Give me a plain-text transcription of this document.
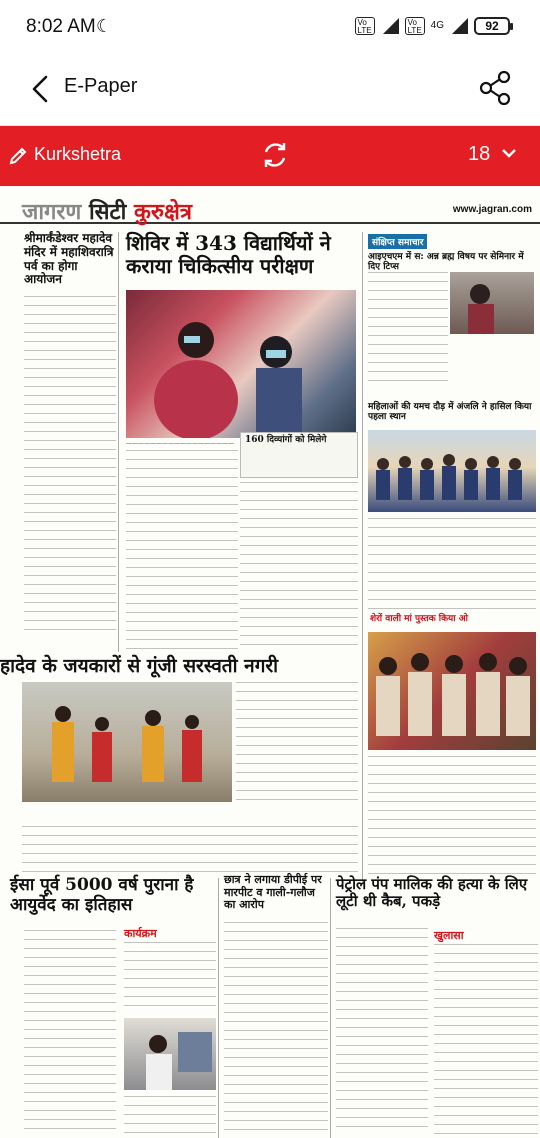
8:02 AM ☾	Vo
LTE
Vo
LTE 4G	92
E-Paper
Kurkshetra	18
जागरण सिटी कुरुक्षेत्र	www.jagran.com
श्रीमार्कंडेश्वर महादेव मंदिर में महाशिवरात्रि पर्व का होगा आयोजन
शिविर में 343 विद्यार्थियों ने कराया चिकित्सीय परीक्षण
—————————————————— 160 दिव्यांगों को मिलेगे
संक्षिप्त समाचार
आइएचएम में स: अन्न ब्रह्म विषय पर सेमिनार में दिए टिप्स
महिलाओं की यमच दौड़ में अंजलि ने हासिल किया पहला स्थान
शेरों वाली मां पुस्तक किया ओ
हादेव के जयकारों से गूंजी सरस्वती नगरी
ईसा पूर्व 5000 वर्ष पुराना है आयुर्वेद का इतिहास
कार्यक्रम
छात्र ने लगाया डीपीई पर मारपीट व गाली-गलौज का आरोप
पेट्रोल पंप मालिक की हत्या के लिए लूटी थी कैब, पकड़े
खुलासा
